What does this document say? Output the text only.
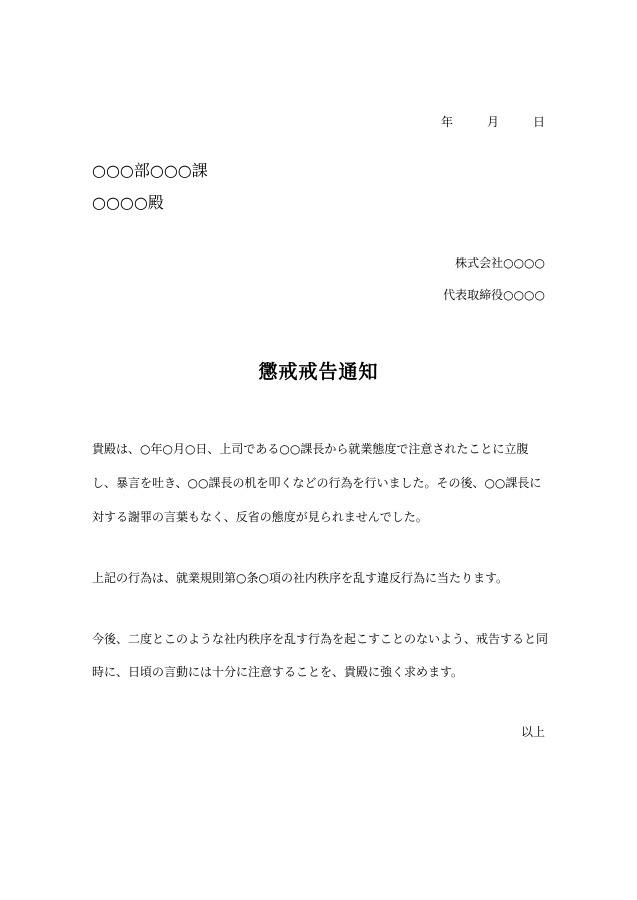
年	月	日
○○○部○○○課
○○○○殿
株式会社○○○○
代表取締役○○○○
懲戒戒告通知
貴殿は、○年○月○日、上司である○○課長から就業態度で注意されたことに立腹
し、暴言を吐き、○○課長の机を叩くなどの行為を行いました。その後、○○課長に
対する謝罪の言葉もなく、反省の態度が見られませんでした。
上記の行為は、就業規則第○条○項の社内秩序を乱す違反行為に当たります。
今後、二度とこのような社内秩序を乱す行為を起こすことのないよう、戒告すると同
時に、日頃の言動には十分に注意することを、貴殿に強く求めます。
以上
